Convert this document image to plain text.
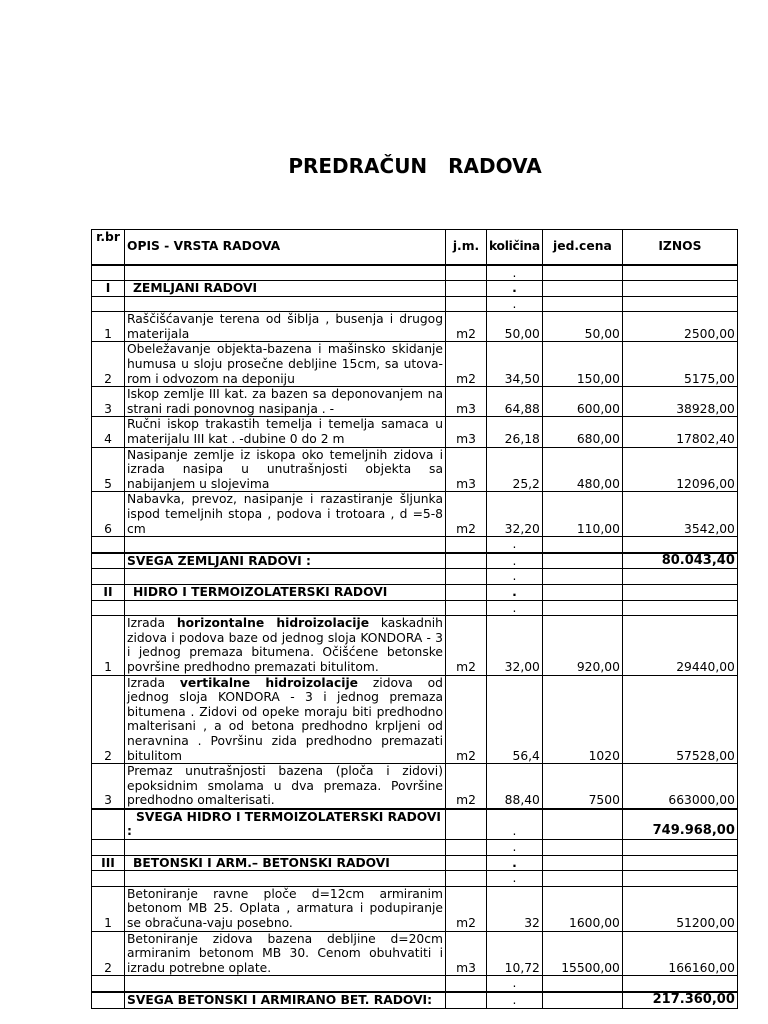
PREDRAČUN RADOVA
r.br	OPIS - VRSTA RADOVA	j.m.	količina	jed.cena	IZNOS
			.		
I	ZEMLJANI RADOVI		.		
			.		
1	Raščišćavanje terena od šiblja , busenja i drugog materijala	m2	50,00	50,00	2500,00
2	Obeležavanje objekta-bazena i mašinsko skidanje humusa u sloju prosečne debljine 15cm, sa utova-rom i odvozom na deponiju	m2	34,50	150,00	5175,00
3	Iskop zemlje III kat. za bazen sa deponovanjem na strani radi ponovnog nasipanja . -	m3	64,88	600,00	38928,00
4	Ručni iskop trakastih temelja i temelja samaca u materijalu III kat . -dubine 0 do 2 m	m3	26,18	680,00	17802,40
5	Nasipanje zemlje iz iskopa oko temeljnih zidova i izrada nasipa u unutrašnjosti objekta sa nabijanjem u slojevima	m3	25,2	480,00	12096,00
6	Nabavka, prevoz, nasipanje i razastiranje šljunka ispod temeljnih stopa , podova i trotoara , d =5-8 cm	m2	32,20	110,00	3542,00
			.		
	SVEGA ZEMLJANI RADOVI :		.		80.043,40
			.		
II	HIDRO I TERMOIZOLATERSKI RADOVI		.		
			.		
1	Izrada horizontalne hidroizolacije kaskadnih zidova i podova baze od jednog sloja KONDORA - 3 i jednog premaza bitumena. Očišćene betonske površine predhodno premazati bitulitom.	m2	32,00	920,00	29440,00
2	Izrada vertikalne hidroizolacije zidova od jednog sloja KONDORA - 3 i jednog premaza bitumena . Zidovi od opeke moraju biti predhodno malterisani , a od betona predhodno krpljeni od neravnina . Površinu zida predhodno premazati bitulitom	m2	56,4	1020	57528,00
3	Premaz unutrašnjosti bazena (ploča i zidovi) epoksidnim smolama u dva premaza. Površine predhodno omalterisati.	m2	88,40	7500	663000,00
	SVEGA HIDRO I TERMOIZOLATERSKI RADOVI :		.		749.968,00
			.		
III	BETONSKI I ARM.– BETONSKI RADOVI		.		
			.		
1	Betoniranje ravne ploče d=12cm armiranim betonom MB 25. Oplata , armatura i podupiranje se obračuna-vaju posebno.	m2	32	1600,00	51200,00
2	Betoniranje zidova bazena debljine d=20cm armiranim betonom MB 30. Cenom obuhvatiti i izradu potrebne oplate.	m3	10,72	15500,00	166160,00
			.		
	SVEGA BETONSKI I ARMIRANO BET. RADOVI:		.		217.360,00
